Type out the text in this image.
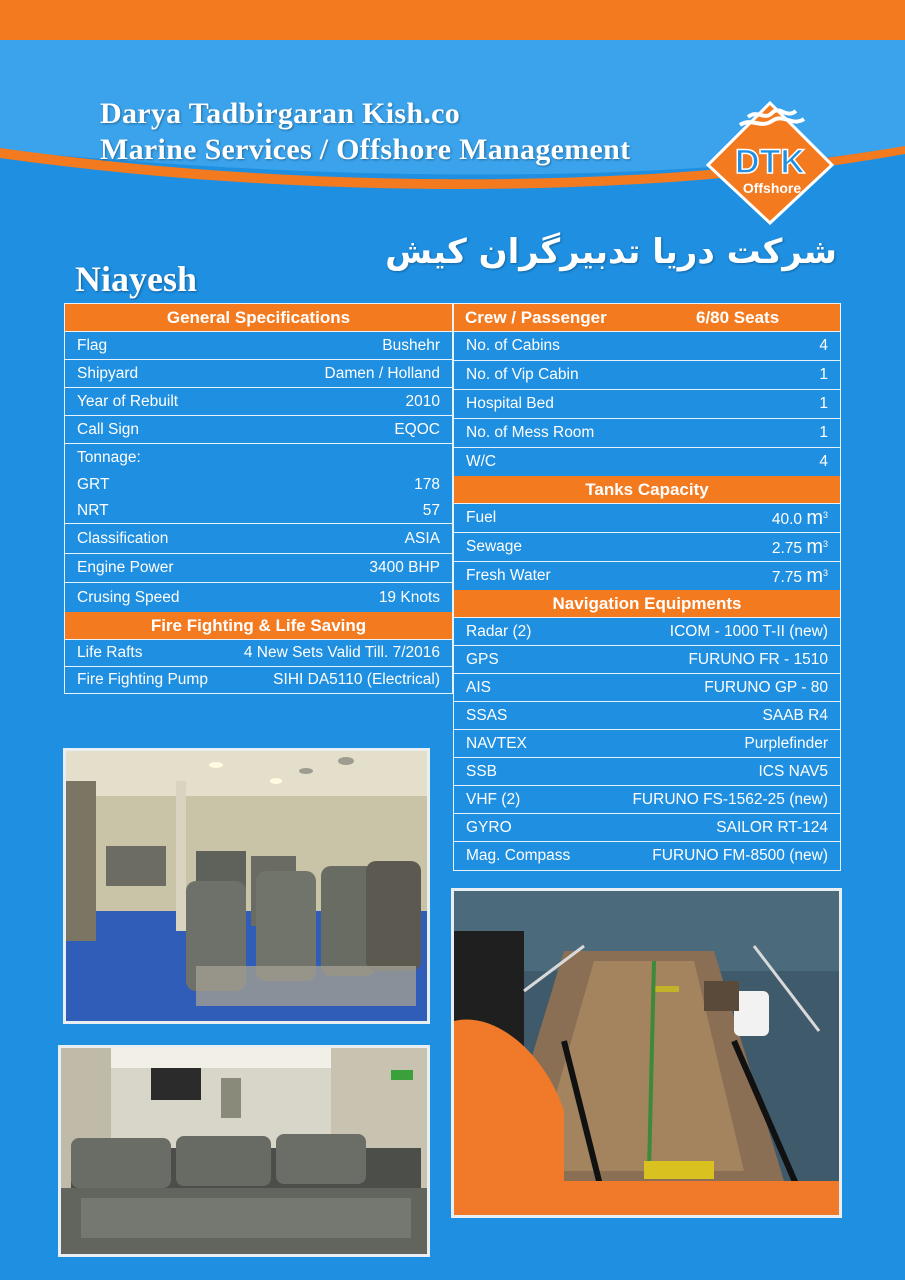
Darya Tadbirgaran Kish.co
Marine Services / Offshore Management	DTK
Offshore
شرکت دریا تدبیرگران کیش
Niayesh
General Specifications
Flag	Bushehr
Shipyard	Damen / Holland
Year of Rebuilt	2010
Call Sign	EQOC
Tonnage:
GRT	178
NRT	57
Classification	ASIA
Engine Power	3400 BHP
Crusing Speed	19 Knots
Fire Fighting & Life Saving
Life Rafts	4 New Sets Valid Till. 7/2016
Fire Fighting Pump	SIHI DA5110 (Electrical)
Crew / Passenger	6/80 Seats
No. of Cabins	4
No. of Vip Cabin	1
Hospital Bed	1
No. of Mess Room	1
W/C	4
Tanks Capacity
Fuel	40.0 $m^3$
Sewage	2.75 $m^3$
Fresh Water	7.75 $m^3$
Navigation Equipments
Radar (2)	ICOM - 1000 T-II (new)
GPS	FURUNO FR - 1510
AIS	FURUNO GP - 80
SSAS	SAAB R4
NAVTEX	Purplefinder
SSB	ICS NAV5
VHF (2)	FURUNO FS-1562-25 (new)
GYRO	SAILOR RT-124
Mag. Compass	FURUNO FM-8500 (new)
